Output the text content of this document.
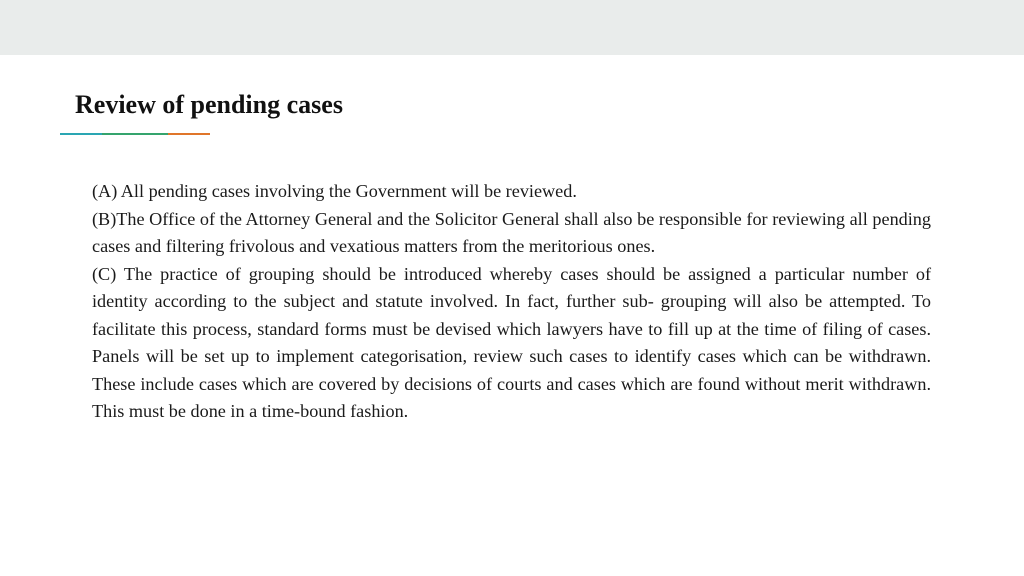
Review of pending cases
(A) All pending cases involving the Government will be reviewed.
(B)The Office of the Attorney General and the Solicitor General shall also be responsible for reviewing all pending cases and filtering frivolous and vexatious matters from the meritorious ones.
(C) The practice of grouping should be introduced whereby cases should be assigned a particular number of identity according to the subject and statute involved. In fact, further sub- grouping will also be attempted. To facilitate this process, standard forms must be devised which lawyers have to fill up at the time of filing of cases. Panels will be set up to implement categorisation, review such cases to identify cases which can be withdrawn. These include cases which are covered by decisions of courts and cases which are found without merit withdrawn. This must be done in a time-bound fashion.
